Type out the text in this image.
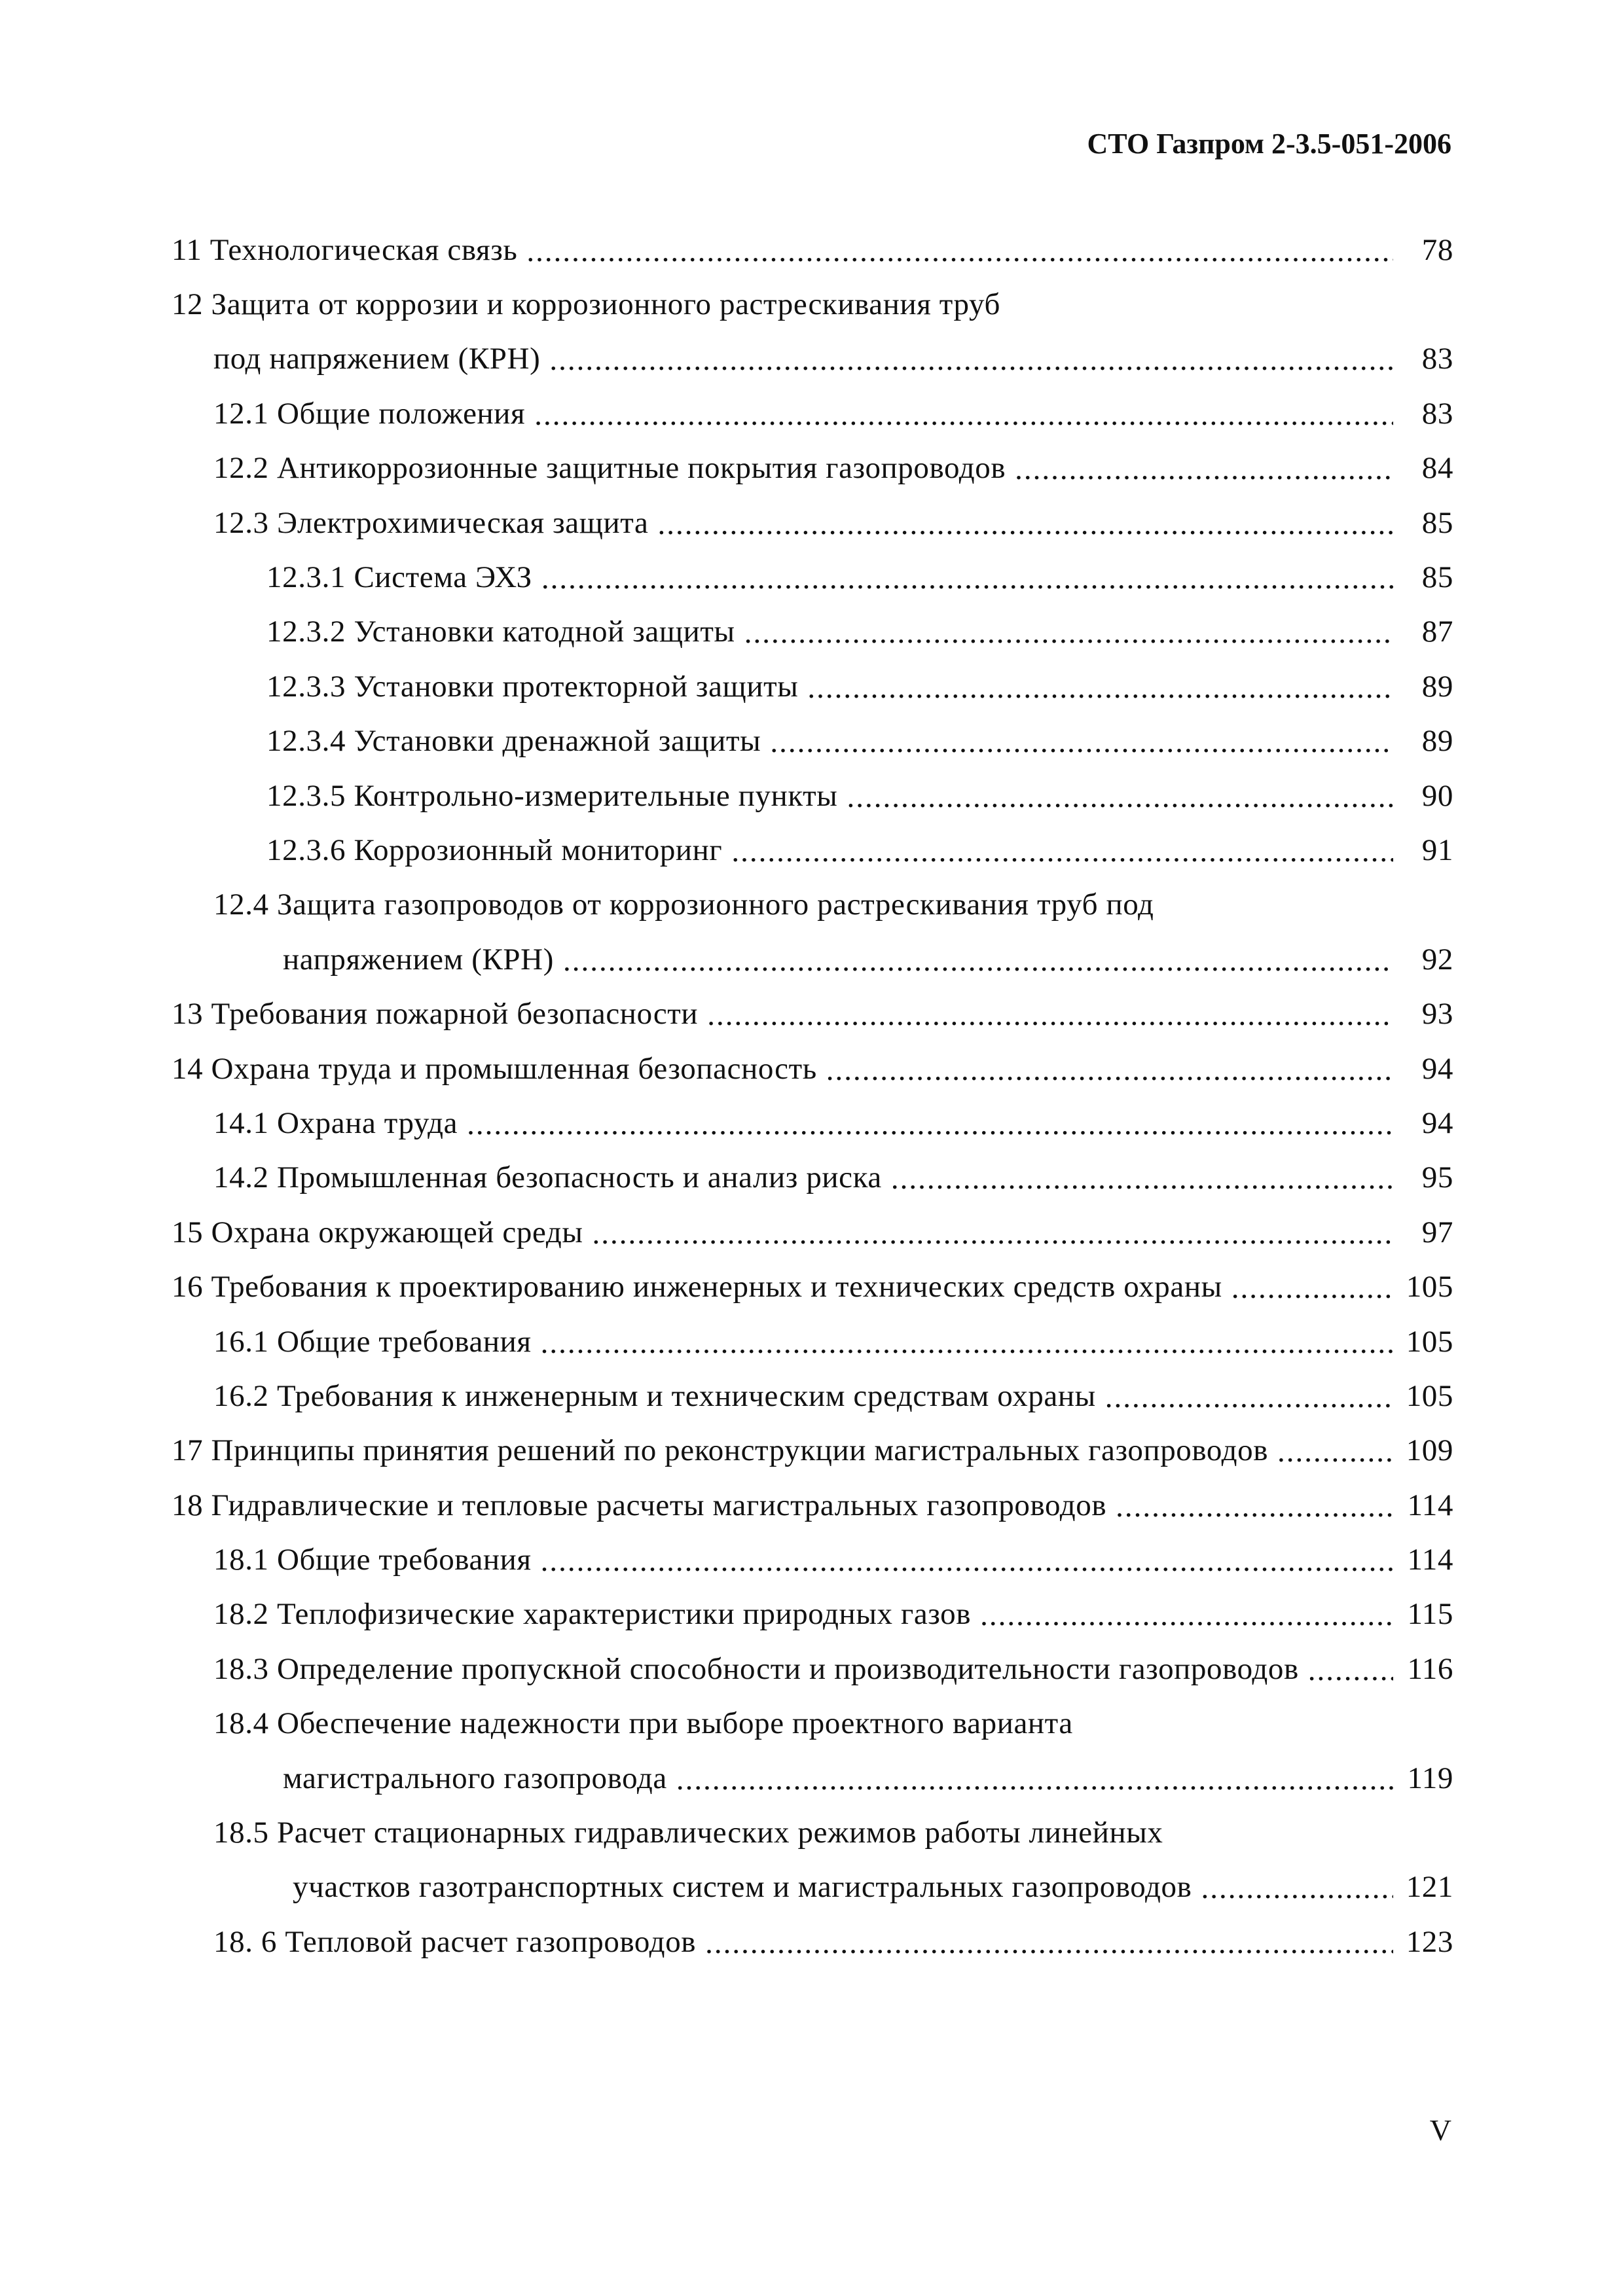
СТО Газпром 2-3.5-051-2006
11 Технологическая связь .....	78
12 Защита от коррозии и коррозионного растрескивания труб
под напряжением (КРН) .....	83
12.1 Общие положения .....	83
12.2 Антикоррозионные защитные покрытия газопроводов .....	84
12.3 Электрохимическая защита .....	85
12.3.1 Система ЭХЗ .....	85
12.3.2 Установки катодной защиты .....	87
12.3.3 Установки протекторной защиты .....	89
12.3.4 Установки дренажной защиты .....	89
12.3.5 Контрольно-измерительные пункты .....	90
12.3.6 Коррозионный мониторинг .....	91
12.4 Защита газопроводов от коррозионного растрескивания труб под
напряжением (КРН) .....	92
13 Требования пожарной безопасности .....	93
14 Охрана труда и промышленная безопасность .....	94
14.1 Охрана труда .....	94
14.2 Промышленная безопасность и анализ риска .....	95
15 Охрана окружающей среды .....	97
16 Требования к проектированию инженерных и технических средств охраны .....	105
16.1 Общие требования .....	105
16.2 Требования к инженерным и техническим средствам охраны .....	105
17 Принципы принятия решений по реконструкции магистральных газопроводов .....	109
18 Гидравлические и тепловые расчеты магистральных газопроводов .....	114
18.1 Общие требования .....	114
18.2 Теплофизические характеристики природных газов .....	115
18.3 Определение пропускной способности и производительности газопроводов .....	116
18.4 Обеспечение надежности при выборе проектного варианта
магистрального газопровода .....	119
18.5 Расчет стационарных гидравлических режимов работы линейных
участков газотранспортных систем и магистральных газопроводов .....	121
18. 6 Тепловой расчет газопроводов .....	123
V
